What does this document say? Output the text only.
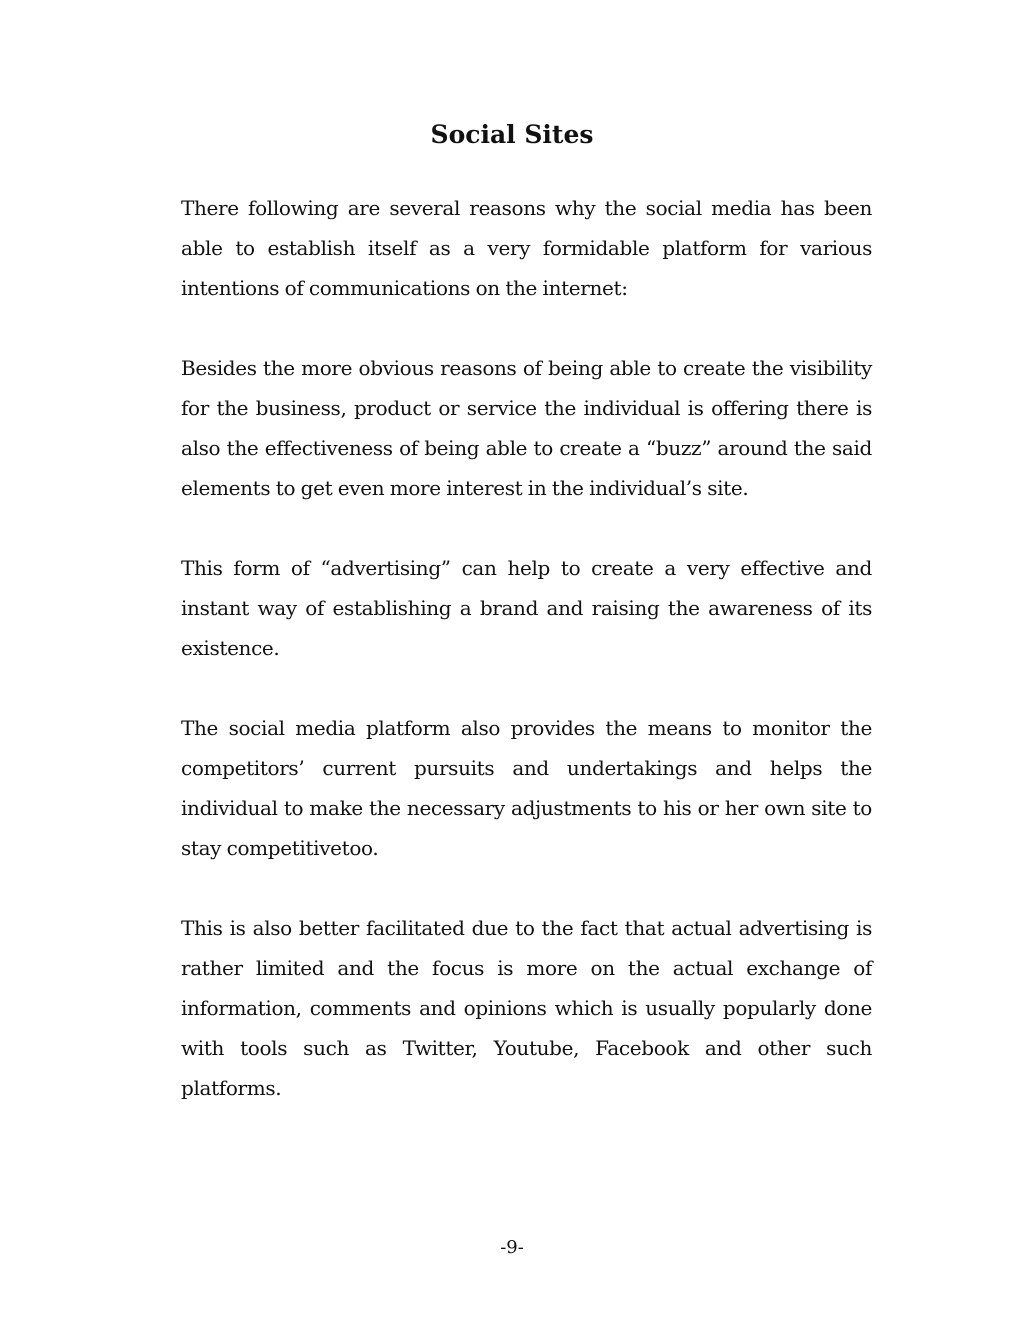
Social Sites

There following are several reasons why the social media has been able to establish itself as a very formidable platform for various intentions of communications on the internet:

Besides the more obvious reasons of being able to create the visibility for the business, product or service the individual is offering there is also the effectiveness of being able to create a “buzz” around the said elements to get even more interest in the individual’s site.

This form of “advertising” can help to create a very effective and instant way of establishing a brand and raising the awareness of its existence.

The social media platform also provides the means to monitor the competitors’ current pursuits and undertakings and helps the individual to make the necessary adjustments to his or her own site to stay competitivetoo.

This is also better facilitated due to the fact that actual advertising is rather limited and the focus is more on the actual exchange of information, comments and opinions which is usually popularly done with tools such as Twitter, Youtube, Facebook and other such platforms.

-9-
